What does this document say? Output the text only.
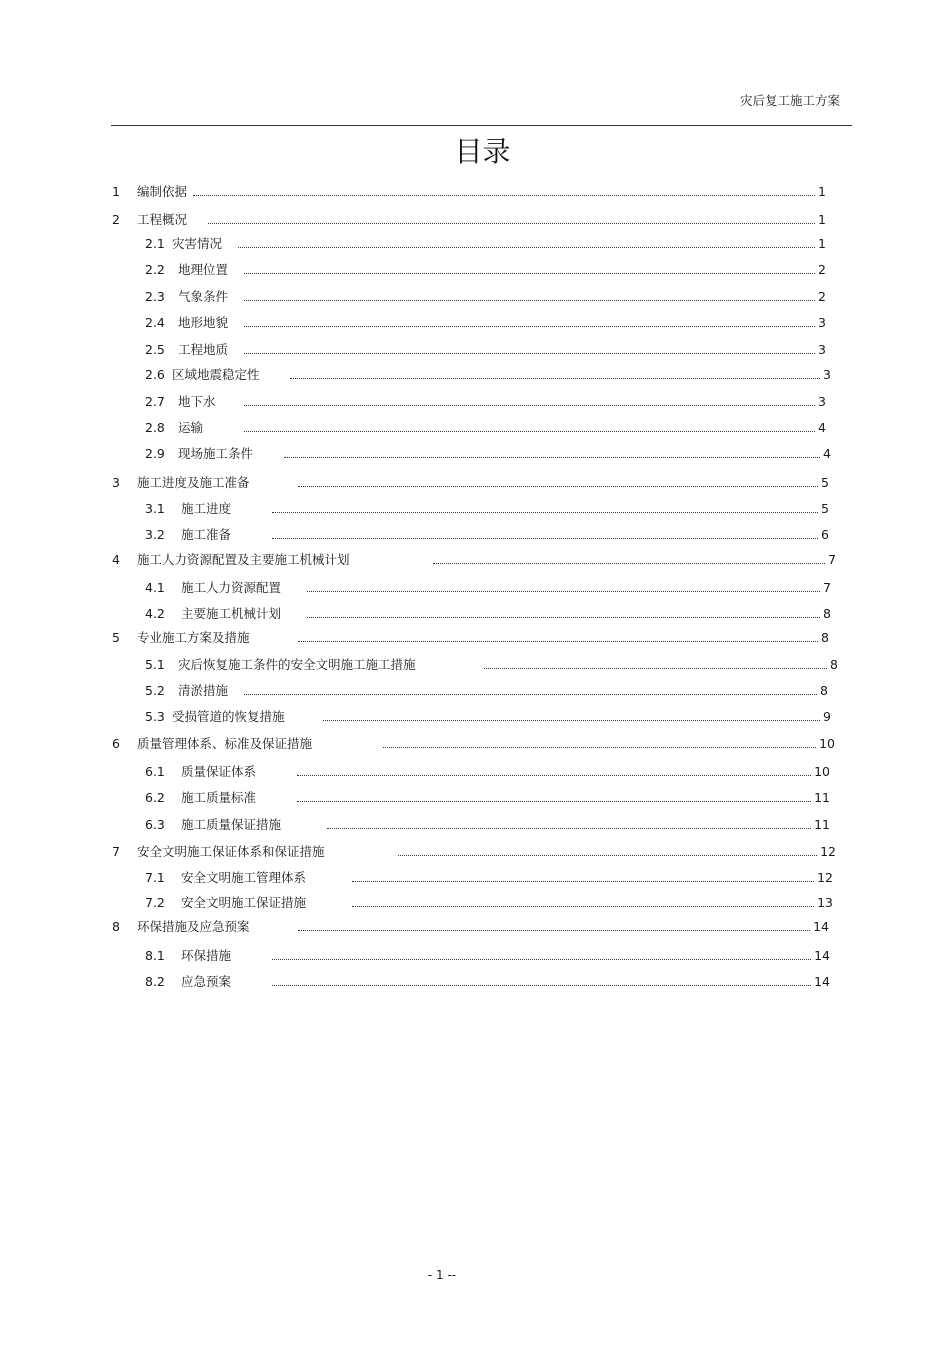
灾后复工施工方案
目录
1	编制依据	1
2	工程概况	1
2.1 灾害情况	1
2.2	地理位置	2
2.3	气象条件	2
2.4	地形地貌	3
2.5	工程地质	3
2.6 区域地震稳定性	3
2.7	地下水	3
2.8	运输	4
2.9	现场施工条件	4
3	施工进度及施工准备	5
3.1	施工进度	5
3.2	施工准备	6
4	施工人力资源配置及主要施工机械计划	7
4.1	施工人力资源配置	7
4.2	主要施工机械计划	8
5	专业施工方案及措施	8
5.1	灾后恢复施工条件的安全文明施工施工措施	8
5.2	清淤措施	8
5.3 受损管道的恢复措施	9
6	质量管理体系、标准及保证措施	10
6.1	质量保证体系	10
6.2	施工质量标准	11
6.3	施工质量保证措施	11
7	安全文明施工保证体系和保证措施	12
7.1	安全文明施工管理体系	12
7.2	安全文明施工保证措施	13
8	环保措施及应急预案	14
8.1	环保措施	14
8.2	应急预案	14
- 1 --
